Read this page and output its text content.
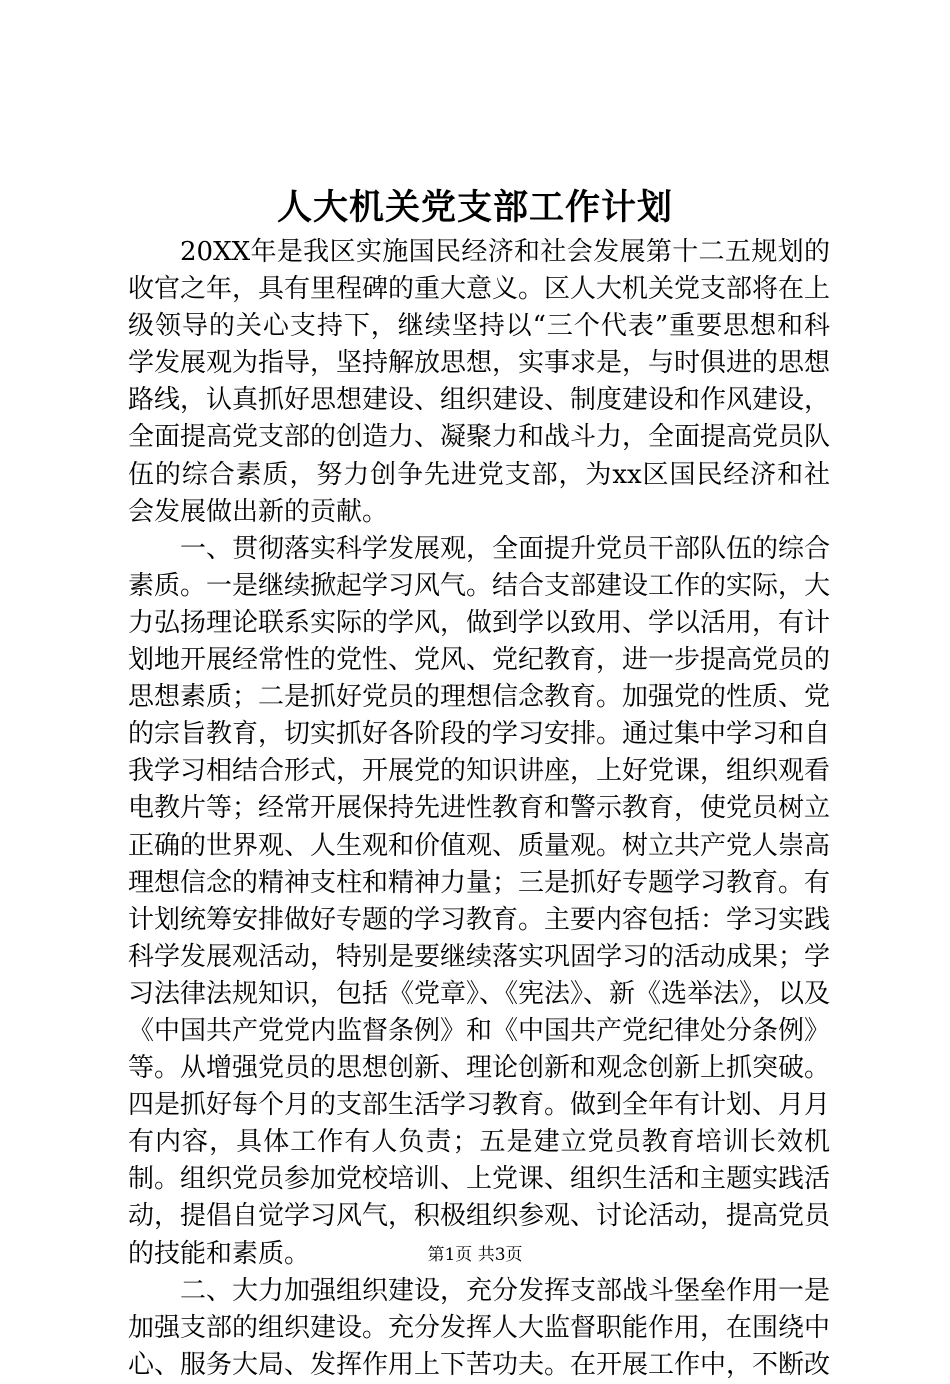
人大机关党支部工作计划

20XX年是我区实施国民经济和社会发展第十二五规划的收官之年，具有里程碑的重大意义。区人大机关党支部将在上级领导的关心支持下，继续坚持以“三个代表”重要思想和科学发展观为指导，坚持解放思想，实事求是，与时俱进的思想路线，认真抓好思想建设、组织建设、制度建设和作风建设，全面提高党支部的创造力、凝聚力和战斗力，全面提高党员队伍的综合素质，努力创争先进党支部，为xx区国民经济和社会发展做出新的贡献。

一、贯彻落实科学发展观，全面提升党员干部队伍的综合素质。一是继续掀起学习风气。结合支部建设工作的实际，大力弘扬理论联系实际的学风，做到学以致用、学以活用，有计划地开展经常性的党性、党风、党纪教育，进一步提高党员的思想素质；二是抓好党员的理想信念教育。加强党的性质、党的宗旨教育，切实抓好各阶段的学习安排。通过集中学习和自我学习相结合形式，开展党的知识讲座，上好党课，组织观看电教片等；经常开展保持先进性教育和警示教育，使党员树立正确的世界观、人生观和价值观、质量观。树立共产党人崇高理想信念的精神支柱和精神力量；三是抓好专题学习教育。有计划统筹安排做好专题的学习教育。主要内容包括：学习实践科学发展观活动，特别是要继续落实巩固学习的活动成果；学习法律法规知识，包括《党章》、《宪法》、新《选举法》，以及《中国共产党党内监督条例》和《中国共产党纪律处分条例》等。从增强党员的思想创新、理论创新和观念创新上抓突破。四是抓好每个月的支部生活学习教育。做到全年有计划、月月有内容，具体工作有人负责；五是建立党员教育培训长效机制。组织党员参加党校培训、上党课、组织生活和主题实践活动，提倡自觉学习风气，积极组织参观、讨论活动，提高党员的技能和素质。

二、大力加强组织建设，充分发挥支部战斗堡垒作用一是加强支部的组织建设。充分发挥人大监督职能作用，在围绕中心、服务大局、发挥作用上下苦功夫。在开展工作中，不断改

第1页 共3页
